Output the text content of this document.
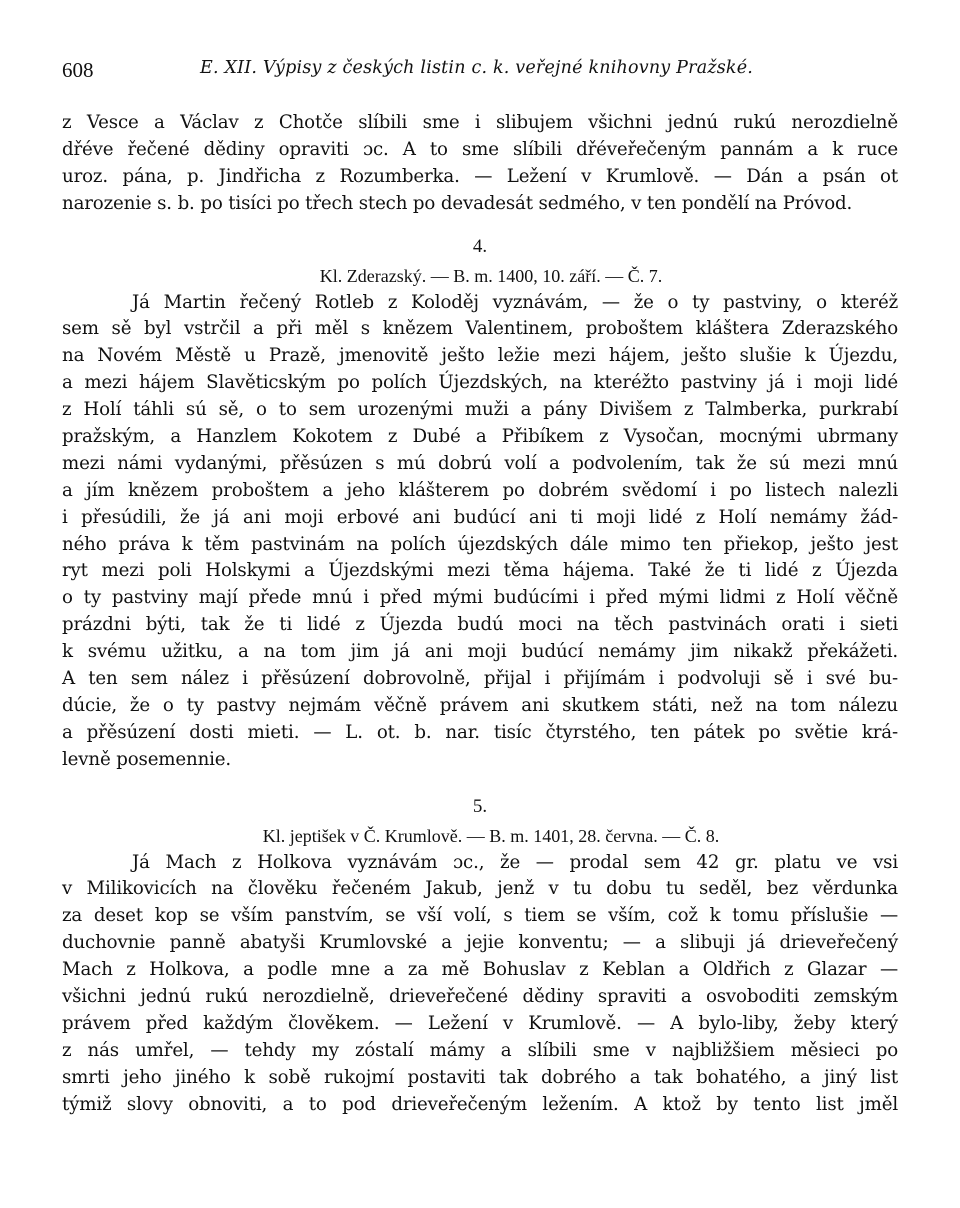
608	E. XII. Výpisy z českých listin c. k. veřejné knihovny Pražské.
z Vesce a Václav z Chotče slíbili sme i slibujem všichni jednú rukú nerozdielně
dřéve řečené dědiny opraviti ɔc. A to sme slíbili dřéveřečeným pannám a k ruce
uroz. pána, p. Jindřicha z Rozumberka. — Ležení v Krumlově. — Dán a psán ot
narozenie s. b. po tisíci po třech stech po devadesát sedmého, v ten pondělí na Próvod.
4.
Kl. Zderazský. — B. m. 1400, 10. září. — Č. 7.
Já Martin řečený Rotleb z Koloděj vyznávám, — že o ty pastviny, o kteréž
sem sě byl vstrčil a při měl s knězem Valentinem, proboštem kláštera Zderazského
na Novém Městě u Prazě, jmenovitě ješto ležie mezi hájem, ješto slušie k Újezdu,
a mezi hájem Slavěticským po polích Újezdských, na kteréžto pastviny já i moji lidé
z Holí táhli sú sě, o to sem urozenými muži a pány Divišem z Talmberka, purkrabí
pražským, a Hanzlem Kokotem z Dubé a Přibíkem z Vysočan, mocnými ubrmany
mezi námi vydanými, přěsúzen s mú dobrú volí a podvolením, tak že sú mezi mnú
a jím knězem proboštem a jeho klášterem po dobrém svědomí i po listech nalezli
i přesúdili, že já ani moji erbové ani budúcí ani ti moji lidé z Holí nemámy žád-
ného práva k těm pastvinám na polích újezdských dále mimo ten přiekop, ješto jest
ryt mezi poli Holskymi a Újezdskými mezi těma hájema. Také že ti lidé z Újezda
o ty pastviny mají přede mnú i před mými budúcími i před mými lidmi z Holí věčně
prázdni býti, tak že ti lidé z Újezda budú moci na těch pastvinách orati i sieti
k svému užitku, a na tom jim já ani moji budúcí nemámy jim nikakž překážeti.
A ten sem nález i přěsúzení dobrovolně, přijal i přijímám i podvoluji sě i své bu-
dúcie, že o ty pastvy nejmám věčně právem ani skutkem státi, než na tom nálezu
a přěsúzení dosti mieti. — L. ot. b. nar. tisíc čtyrstého, ten pátek po světie krá-
levně posemennie.
5.
Kl. jeptišek v Č. Krumlově. — B. m. 1401, 28. června. — Č. 8.
Já Mach z Holkova vyznávám ɔc., že — prodal sem 42 gr. platu ve vsi
v Milikovicích na člověku řečeném Jakub, jenž v tu dobu tu seděl, bez věrdunka
za deset kop se vším panstvím, se vší volí, s tiem se vším, což k tomu příslušie —
duchovnie panně abatyši Krumlovské a jejie konventu; — a slibuji já drieveřečený
Mach z Holkova, a podle mne a za mě Bohuslav z Keblan a Oldřich z Glazar —
všichni jednú rukú nerozdielně, drieveřečené dědiny spraviti a osvoboditi zemským
právem před každým člověkem. — Ležení v Krumlově. — A bylo-liby, žeby který
z nás umřel, — tehdy my zóstalí mámy a slíbili sme v najbližšiem měsieci po
smrti jeho jiného k sobě rukojmí postaviti tak dobrého a tak bohatého, a jiný list
týmiž slovy obnoviti, a to pod drieveřečeným ležením. A ktož by tento list jměl
